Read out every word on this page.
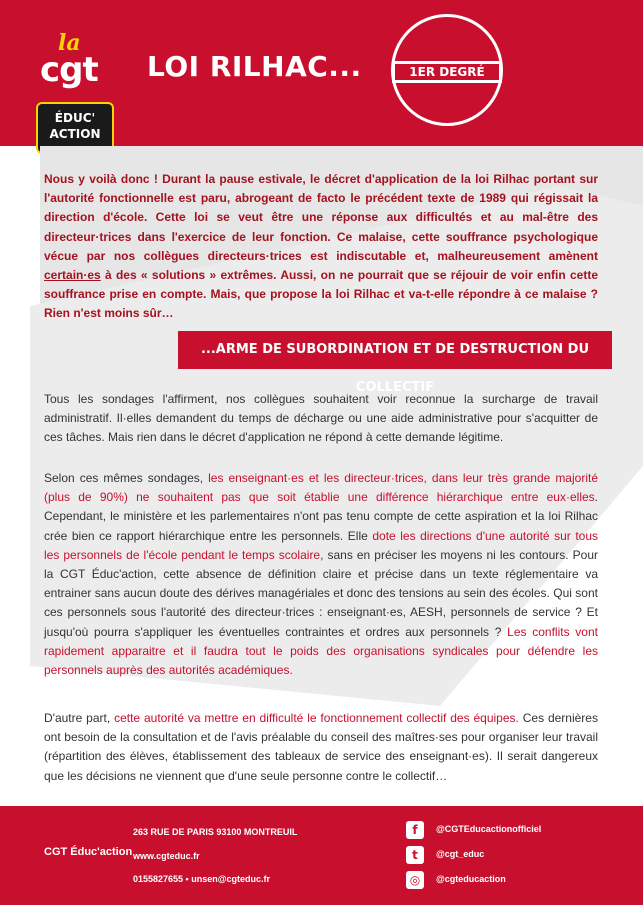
la
cgt
ÉDUC'
ACTION
LOI RILHAC...	1ER DEGRÉ
Nous y voilà donc ! Durant la pause estivale, le décret d'application de la loi Rilhac portant sur l'autorité fonctionnelle est paru, abrogeant de facto le précédent texte de 1989 qui régissait la direction d'école. Cette loi se veut être une réponse aux difficultés et au mal-être des directeur·trices dans l'exercice de leur fonction. Ce malaise, cette souffrance psychologique vécue par nos collègues directeurs·trices est indiscutable et, malheureusement amènent certain·es à des « solutions » extrêmes. Aussi, on ne pourrait que se réjouir de voir enfin cette souffrance prise en compte. Mais, que propose la loi Rilhac et va-t-elle répondre à ce malaise ? Rien n'est moins sûr…
...ARME DE SUBORDINATION ET DE DESTRUCTION DU COLLECTIF
Tous les sondages l'affirment, nos collègues souhaitent voir reconnue la surcharge de travail administratif. Il·elles demandent du temps de décharge ou une aide administrative pour s'acquitter de ces tâches. Mais rien dans le décret d'application ne répond à cette demande légitime.
Selon ces mêmes sondages, les enseignant·es et les directeur·trices, dans leur très grande majorité (plus de 90%) ne souhaitent pas que soit établie une différence hiérarchique entre eux·elles. Cependant, le ministère et les parlementaires n'ont pas tenu compte de cette aspiration et la loi Rilhac crée bien ce rapport hiérarchique entre les personnels. Elle dote les directions d'une autorité sur tous les personnels de l'école pendant le temps scolaire, sans en préciser les moyens ni les contours. Pour la CGT Éduc'action, cette absence de définition claire et précise dans un texte réglementaire va entrainer sans aucun doute des dérives managériales et donc des tensions au sein des écoles. Qui sont ces personnels sous l'autorité des directeur·trices : enseignant·es, AESH, personnels de service ? Et jusqu'où pourra s'appliquer les éventuelles contraintes et ordres aux personnels ? Les conflits vont rapidement apparaitre et il faudra tout le poids des organisations syndicales pour défendre les personnels auprès des autorités académiques.
D'autre part, cette autorité va mettre en difficulté le fonctionnement collectif des équipes. Ces dernières ont besoin de la consultation et de l'avis préalable du conseil des maîtres·ses pour organiser leur travail (répartition des élèves, établissement des tableaux de service des enseignant·es). Il serait dangereux que les décisions ne viennent que d'une seule personne contre le collectif…
CGT Éduc'action
263 RUE DE PARIS 93100 MONTREUIL
www.cgteduc.fr
0155827655 • unsen@cgteduc.fr
f	@CGTEducactionofficiel
t	@cgt_educ
◎	@cgteducaction
